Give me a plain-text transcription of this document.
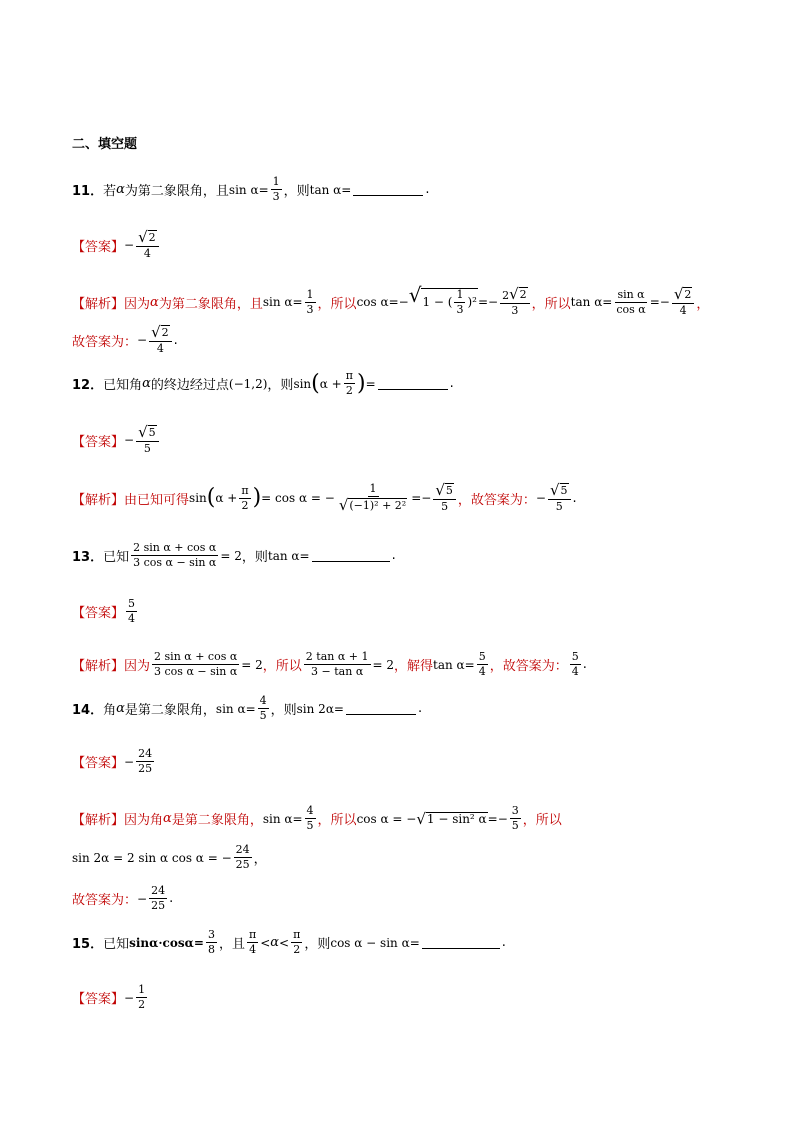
二、填空题
11． 若 α 为第二象限角，且 $\sin \alpha = \frac{1}{3}$ ，则 tan α =	.
【答案】 − $\frac{√ 2}{4}$
【解析】 因为 α 为第二象限角，且 $\sin \alpha = \frac{1}{3}$ ，所以 cos α = − √ 1 − ( $\frac{1}{3} )^2$ = − $\frac{2 √ 2}{3}$ ，所以 $\tan \alpha = \frac{\text{sin α}}{\text{cos α}}$ = − $\frac{√ 2}{4}$ ，
故答案为： − $\frac{√ 2}{4}$ .
12． 已知角 α 的终边经过点 (−1,2) ，则 sin ( $\alpha + \frac{\pi}{2}$ ) =	.
【答案】 − $\frac{√ 5}{5}$
【解析】 由已知可得 sin ( $\alpha + \frac{\pi}{2}$ ) = cos α = − $\frac{1}{\text{√ (−1)² + 2²}}$ = − $\frac{√ 5}{5}$ ，故答案为： − $\frac{√ 5}{5}$ .
13． 已知 $\frac{\text{2 sin α + cos α}}{\text{3 cos α − sin α}} = 2$ ，则 tan α =	.
【答案】 $\frac{5}{4}$
【解析】 因为 $\frac{\text{2 sin α + cos α}}{\text{3 cos α − sin α}} = 2$ ，所以 $\frac{\text{2 tan α + 1}}{\text{3 − tan α}} = 2$ ，解得 $\tan \alpha = \frac{5}{4}$ ，故答案为： $\frac{5}{4}$ .
14． 角 α 是第二象限角， $\sin \alpha = \frac{4}{5}$ ，则 sin 2α =	.
【答案】 − $\frac{24}{25}$
【解析】 因为角 α 是第二象限角， $\sin \alpha = \frac{4}{5}$ ，所以 cos α = − √ 1 − sin² α = − $\frac{3}{5}$ ，所以
sin 2α = 2 sin α cos α = − $\frac{24}{25}$ ，
故答案为： − $\frac{24}{25}$ .
15． 已知 $\sin\alpha\cdot\cos\alpha = \frac{3}{8}$ ，且 $\frac{\pi}{4} < \alpha < \frac{\pi}{2}$ ，则 cos α − sin α =	.
【答案】 − $\frac{1}{2}$
